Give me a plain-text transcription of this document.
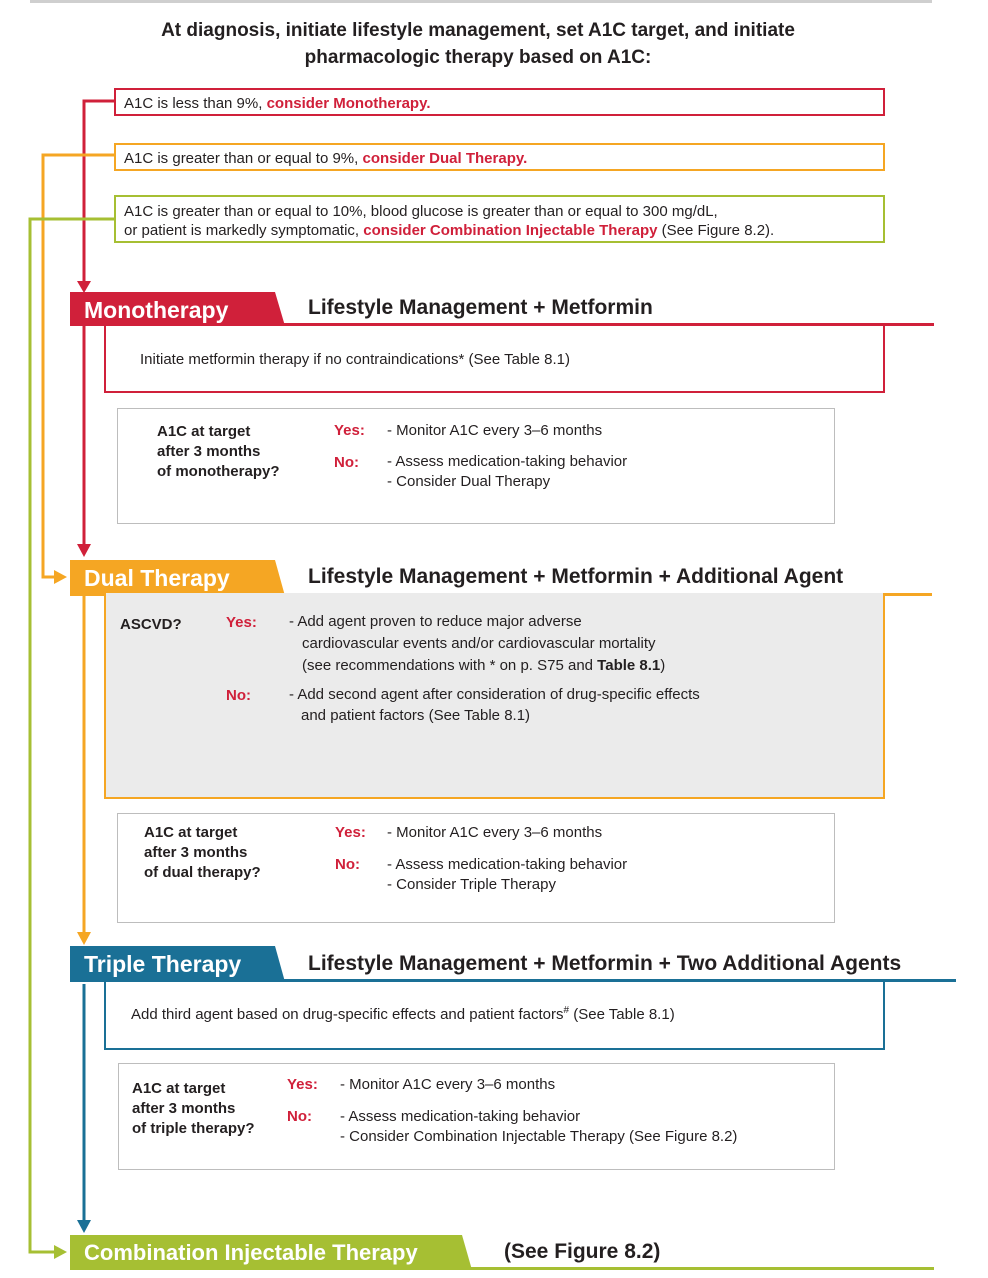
At diagnosis, initiate lifestyle management, set A1C target, and initiate
pharmacologic therapy based on A1C:
A1C is less than 9%, consider Monotherapy.
A1C is greater than or equal to 9%, consider Dual Therapy.
A1C is greater than or equal to 10%, blood glucose is greater than or equal to 300 mg/dL,
or patient is markedly symptomatic, consider Combination Injectable Therapy (See Figure 8.2).
Monotherapy	Lifestyle Management + Metformin
Initiate metformin therapy if no contraindications* (See Table 8.1)
A1C at target
after 3 months
of monotherapy?
Yes: - Monitor A1C every 3–6 months
No: - Assess medication-taking behavior
- Consider Dual Therapy
Dual Therapy	Lifestyle Management + Metformin + Additional Agent
ASCVD?	Yes: - Add agent proven to reduce major adverse
cardiovascular events and/or cardiovascular mortality
(see recommendations with * on p. S75 and Table 8.1)
No:	- Add second agent after consideration of drug-specific effects
and patient factors (See Table 8.1)
A1C at target
after 3 months
of dual therapy?
Yes: - Monitor A1C every 3–6 months
No: - Assess medication-taking behavior
- Consider Triple Therapy
Triple Therapy	Lifestyle Management + Metformin + Two Additional Agents
Add third agent based on drug-specific effects and patient factors# (See Table 8.1)
A1C at target
after 3 months
of triple therapy?
Yes: - Monitor A1C every 3–6 months
No: - Assess medication-taking behavior
- Consider Combination Injectable Therapy (See Figure 8.2)
Combination Injectable Therapy	(See Figure 8.2)
